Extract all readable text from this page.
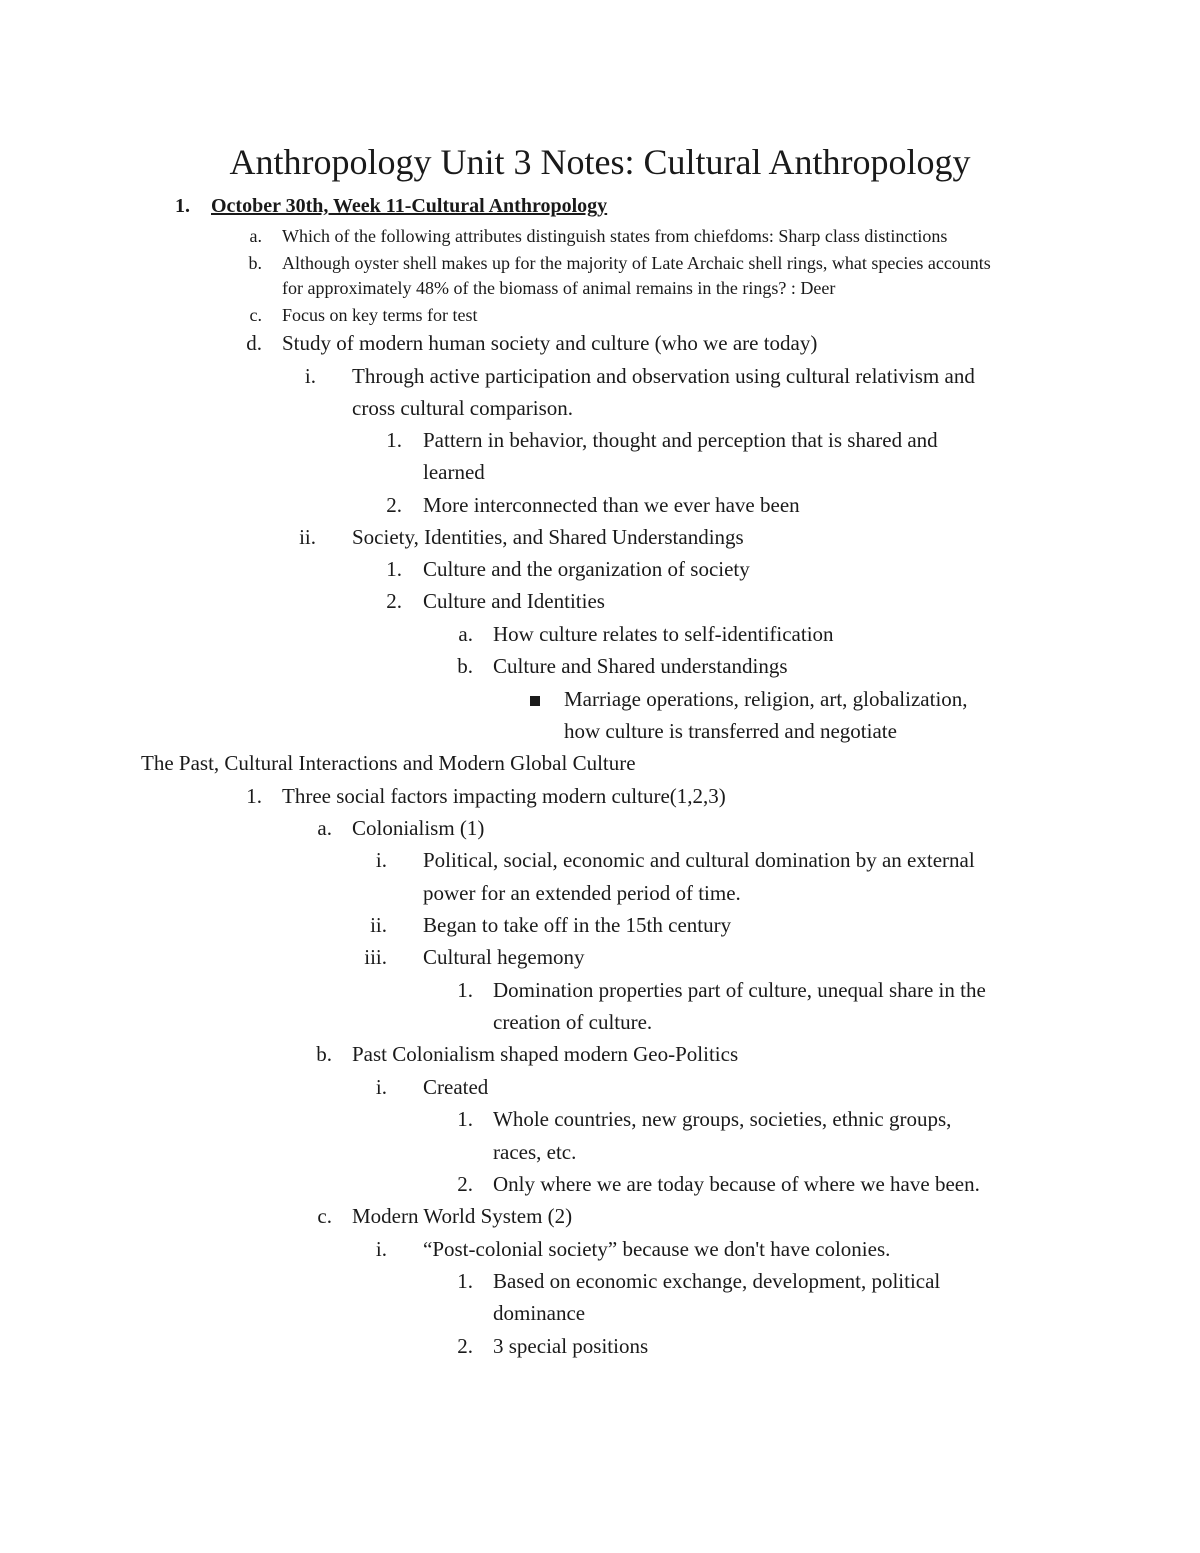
Anthropology Unit 3 Notes: Cultural Anthropology
1. October 30th, Week 11-Cultural Anthropology
a. Which of the following attributes distinguish states from chiefdoms: Sharp class distinctions
b. Although oyster shell makes up for the majority of Late Archaic shell rings, what species accounts
for approximately 48% of the biomass of animal remains in the rings? : Deer
c. Focus on key terms for test
d. Study of modern human society and culture (who we are today)
i. Through active participation and observation using cultural relativism and
cross cultural comparison.
1. Pattern in behavior, thought and perception that is shared and
learned
2. More interconnected than we ever have been
ii. Society, Identities, and Shared Understandings
1. Culture and the organization of society
2. Culture and Identities
a. How culture relates to self-identification
b. Culture and Shared understandings
Marriage operations, religion, art, globalization,
how culture is transferred and negotiate
The Past, Cultural Interactions and Modern Global Culture
1. Three social factors impacting modern culture(1,2,3)
a. Colonialism (1)
i. Political, social, economic and cultural domination by an external
power for an extended period of time.
ii. Began to take off in the 15th century
iii. Cultural hegemony
1. Domination properties part of culture, unequal share in the
creation of culture.
b. Past Colonialism shaped modern Geo-Politics
i. Created
1. Whole countries, new groups, societies, ethnic groups,
races, etc.
2. Only where we are today because of where we have been.
c. Modern World System (2)
i. “Post-colonial society” because we don't have colonies.
1. Based on economic exchange, development, political
dominance
2. 3 special positions
